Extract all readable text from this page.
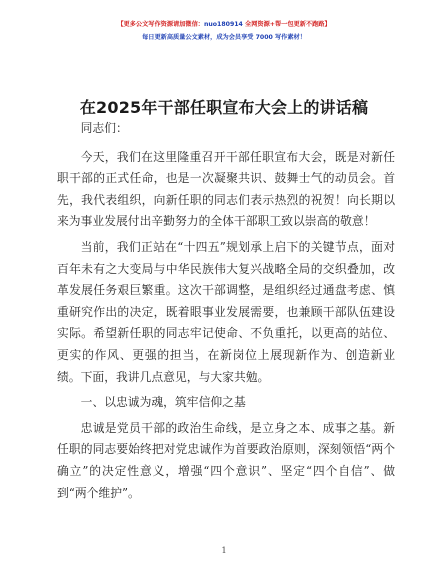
【更多公文写作资源请加微信：nuo180914 全网资源+帮一包更新不跑路】
每日更新高质量公文素材，成为会员享受 7000 写作素材！
在2025年干部任职宣布大会上的讲话稿

同志们：

今天，我们在这里隆重召开干部任职宣布大会，既是对新任职干部的正式任命，也是一次凝聚共识、鼓舞士气的动员会。首先，我代表组织，向新任职的同志们表示热烈的祝贺！向长期以来为事业发展付出辛勤努力的全体干部职工致以崇高的敬意！

当前，我们正站在“十四五”规划承上启下的关键节点，面对百年未有之大变局与中华民族伟大复兴战略全局的交织叠加，改革发展任务艰巨繁重。这次干部调整，是组织经过通盘考虑、慎重研究作出的决定，既着眼事业发展需要，也兼顾干部队伍建设实际。希望新任职的同志牢记使命、不负重托，以更高的站位、更实的作风、更强的担当，在新岗位上展现新作为、创造新业绩。下面，我讲几点意见，与大家共勉。

一、以忠诚为魂，筑牢信仰之基

忠诚是党员干部的政治生命线，是立身之本、成事之基。新任职的同志要始终把对党忠诚作为首要政治原则，深刻领悟“两个确立”的决定性意义，增强“四个意识”、坚定“四个自信”、做到“两个维护”。

1
